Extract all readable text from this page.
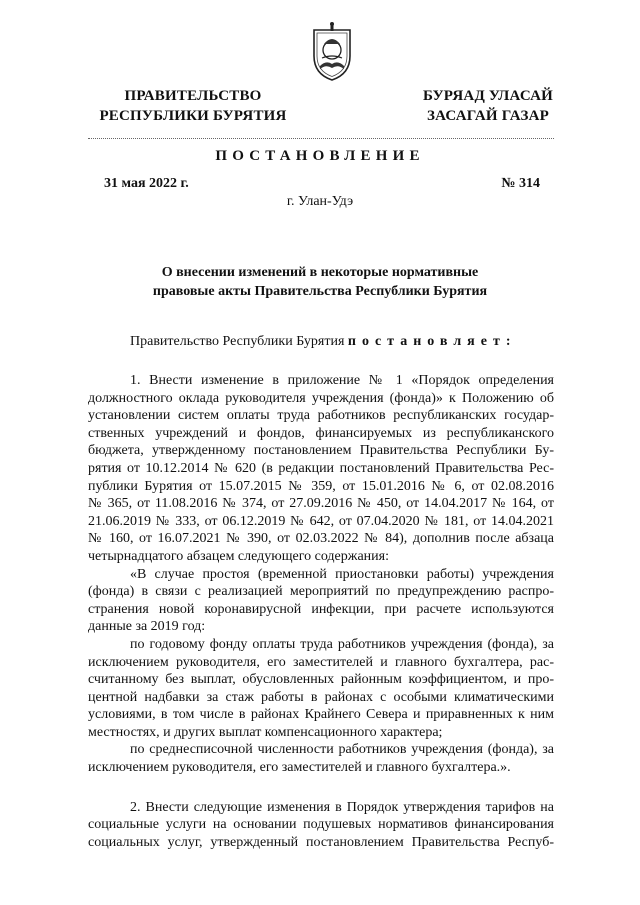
ПРАВИТЕЛЬСТВО
РЕСПУБЛИКИ БУРЯТИЯ
БУРЯАД УЛАСАЙ
ЗАСАГАЙ ГАЗАР
ПОСТАНОВЛЕНИЕ
31 мая 2022 г.	№ 314
г. Улан-Удэ
О внесении изменений в некоторые нормативные
правовые акты Правительства Республики Бурятия
Правительство Республики Бурятия постановляет:
1. Внести изменение в приложение № 1 «Порядок определения
должностного оклада руководителя учреждения (фонда)» к Положению об
установлении систем оплаты труда работников республиканских государ-
ственных учреждений и фондов, финансируемых из республиканского
бюджета, утвержденному постановлением Правительства Республики Бу-
рятия от 10.12.2014 № 620 (в редакции постановлений Правительства Рес-
публики Бурятия от 15.07.2015 № 359, от 15.01.2016 № 6, от 02.08.2016
№ 365, от 11.08.2016 № 374, от 27.09.2016 № 450, от 14.04.2017 № 164, от
21.06.2019 № 333, от 06.12.2019 № 642, от 07.04.2020 № 181, от 14.04.2021
№ 160, от 16.07.2021 № 390, от 02.03.2022 № 84), дополнив после абзаца
четырнадцатого абзацем следующего содержания:
«В случае простоя (временной приостановки работы) учреждения
(фонда) в связи с реализацией мероприятий по предупреждению распро-
странения новой коронавирусной инфекции, при расчете используются
данные за 2019 год:
по годовому фонду оплаты труда работников учреждения (фонда), за
исключением руководителя, его заместителей и главного бухгалтера, рас-
считанному без выплат, обусловленных районным коэффициентом, и про-
центной надбавки за стаж работы в районах с особыми климатическими
условиями, в том числе в районах Крайнего Севера и приравненных к ним
местностях, и других выплат компенсационного характера;
по среднесписочной численности работников учреждения (фонда), за
исключением руководителя, его заместителей и главного бухгалтера.».
2. Внести следующие изменения в Порядок утверждения тарифов на
социальные услуги на основании подушевых нормативов финансирования
социальных услуг, утвержденный постановлением Правительства Респуб-
